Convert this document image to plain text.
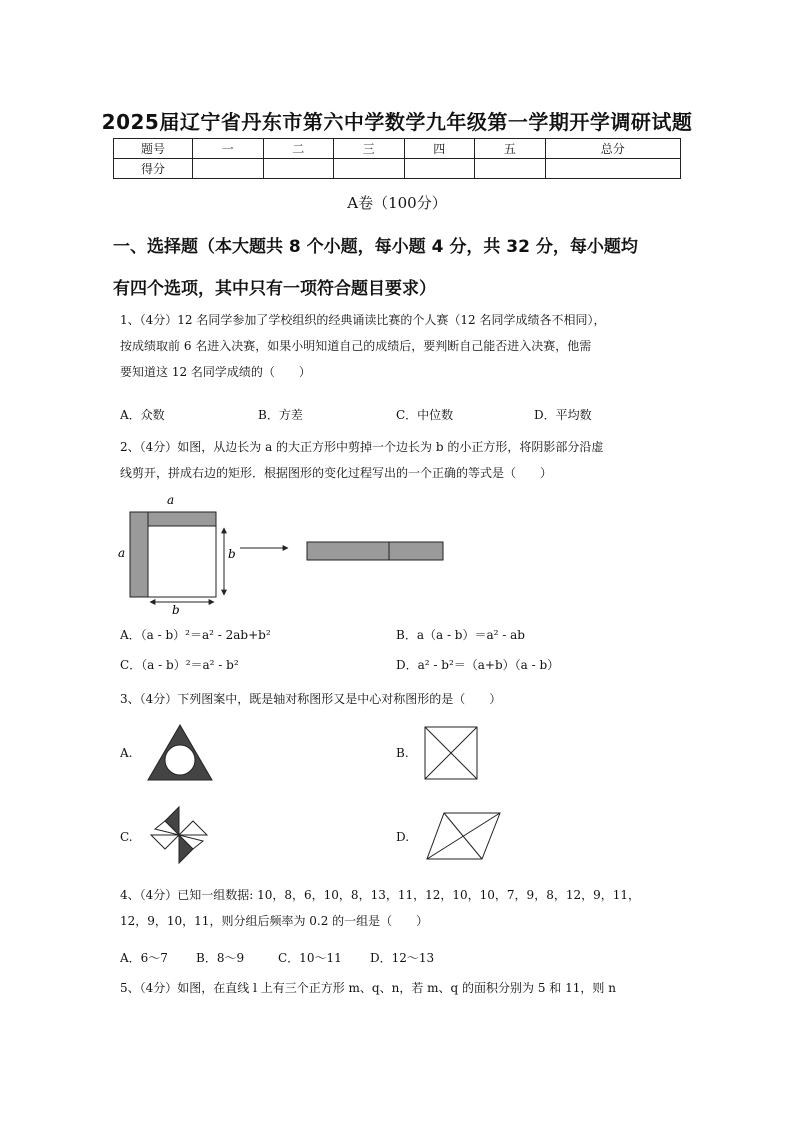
2025届辽宁省丹东市第六中学数学九年级第一学期开学调研试题
题号	一	二	三	四	五	总分
得分						
A卷（100分）
一、选择题（本大题共 8 个小题，每小题 4 分，共 32 分，每小题均
有四个选项，其中只有一项符合题目要求）
1、（4分）12 名同学参加了学校组织的经典诵读比赛的个人赛（12 名同学成绩各不相同），
按成绩取前 6 名进入决赛，如果小明知道自己的成绩后，要判断自己能否进入决赛，他需
要知道这 12 名同学成绩的（　　）
A．众数	B．方差	C．中位数	D．平均数
2、（4分）如图，从边长为 a 的大正方形中剪掉一个边长为 b 的小正方形，将阴影部分沿虚
线剪开，拼成右边的矩形．根据图形的变化过程写出的一个正确的等式是（　　）
a
a	b
b
A．（a - b）²＝a² - 2ab+b²	B．a（a - b）＝a² - ab
C．（a - b）²＝a² - b²	D．a² - b²＝（a+b）（a - b）
3、（4分）下列图案中，既是轴对称图形又是中心对称图形的是（　　）
A.	B.
C.	D.
4、（4分）已知一组数据: 10，8，6，10，8，13，11，12，10，10，7，9，8，12，9，11，
12，9，10，11，则分组后频率为 0.2 的一组是（　　）
A．6～7 B．8～9	C．10～11 D．12～13
5、（4分）如图，在直线 l 上有三个正方形 m、q、n，若 m、q 的面积分别为 5 和 11，则 n
